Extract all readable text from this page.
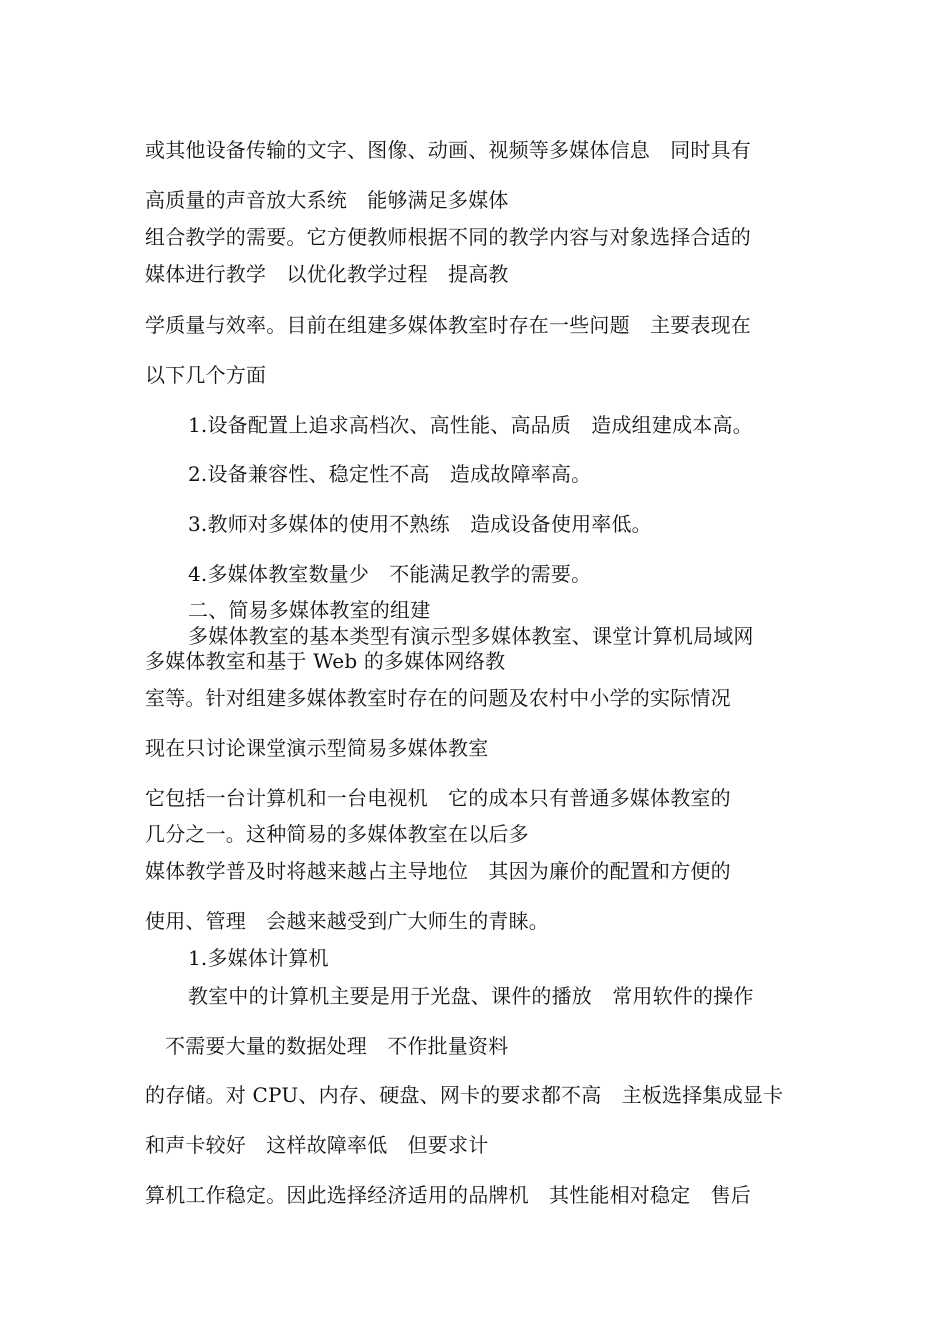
或其他设备传输的文字、图像、动画、视频等多媒体信息　同时具有
高质量的声音放大系统　能够满足多媒体
组合教学的需要。它方便教师根据不同的教学内容与对象选择合适的
媒体进行教学　以优化教学过程　提高教
学质量与效率。目前在组建多媒体教室时存在一些问题　主要表现在
以下几个方面
1.设备配置上追求高档次、高性能、高品质　造成组建成本高。
2.设备兼容性、稳定性不高　造成故障率高。
3.教师对多媒体的使用不熟练　造成设备使用率低。
4.多媒体教室数量少　不能满足教学的需要。
二、简易多媒体教室的组建
多媒体教室的基本类型有演示型多媒体教室、课堂计算机局域网
多媒体教室和基于 Web 的多媒体网络教
室等。针对组建多媒体教室时存在的问题及农村中小学的实际情况
现在只讨论课堂演示型简易多媒体教室
它包括一台计算机和一台电视机　它的成本只有普通多媒体教室的
几分之一。这种简易的多媒体教室在以后多
媒体教学普及时将越来越占主导地位　其因为廉价的配置和方便的
使用、管理　会越来越受到广大师生的青睐。
1.多媒体计算机
教室中的计算机主要是用于光盘、课件的播放　常用软件的操作
不需要大量的数据处理　不作批量资料
的存储。对 CPU、内存、硬盘、网卡的要求都不高　主板选择集成显卡
和声卡较好　这样故障率低　但要求计
算机工作稳定。因此选择经济适用的品牌机　其性能相对稳定　售后
